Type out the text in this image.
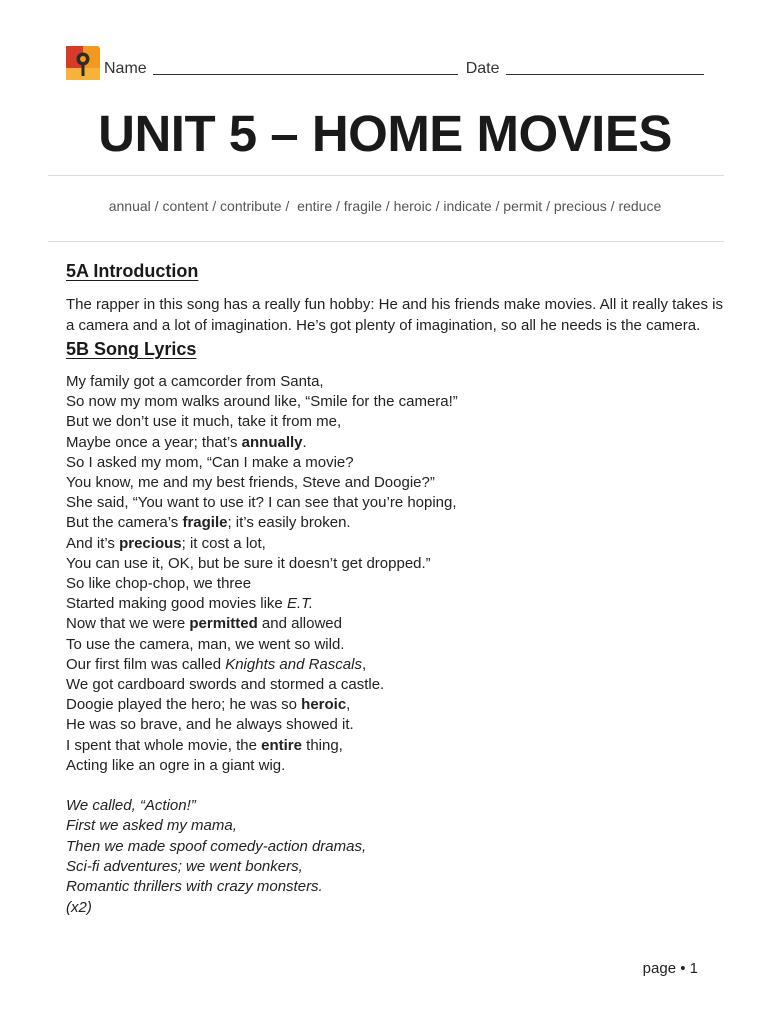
Name	Date
UNIT 5 – HOME MOVIES
annual / content / contribute /  entire / fragile / heroic / indicate / permit / precious / reduce
5A Introduction

The rapper in this song has a really fun hobby: He and his friends make movies. All it really takes is a camera and a lot of imagination. He’s got plenty of imagination, so all he needs is the camera.

5B Song Lyrics
My family got a camcorder from Santa,
So now my mom walks around like, “Smile for the camera!”
But we don’t use it much, take it from me,
Maybe once a year; that’s annually.
So I asked my mom, “Can I make a movie?
You know, me and my best friends, Steve and Doogie?”
She said, “You want to use it? I can see that you’re hoping,
But the camera’s fragile; it’s easily broken.
And it’s precious; it cost a lot,
You can use it, OK, but be sure it doesn’t get dropped.”
So like chop-chop, we three
Started making good movies like E.T.
Now that we were permitted and allowed
To use the camera, man, we went so wild.
Our first film was called Knights and Rascals,
We got cardboard swords and stormed a castle.
Doogie played the hero; he was so heroic,
He was so brave, and he always showed it.
I spent that whole movie, the entire thing,
Acting like an ogre in a giant wig.
We called, “Action!”
First we asked my mama,
Then we made spoof comedy-action dramas,
Sci-fi adventures; we went bonkers,
Romantic thrillers with crazy monsters.
(x2)
page • 1
